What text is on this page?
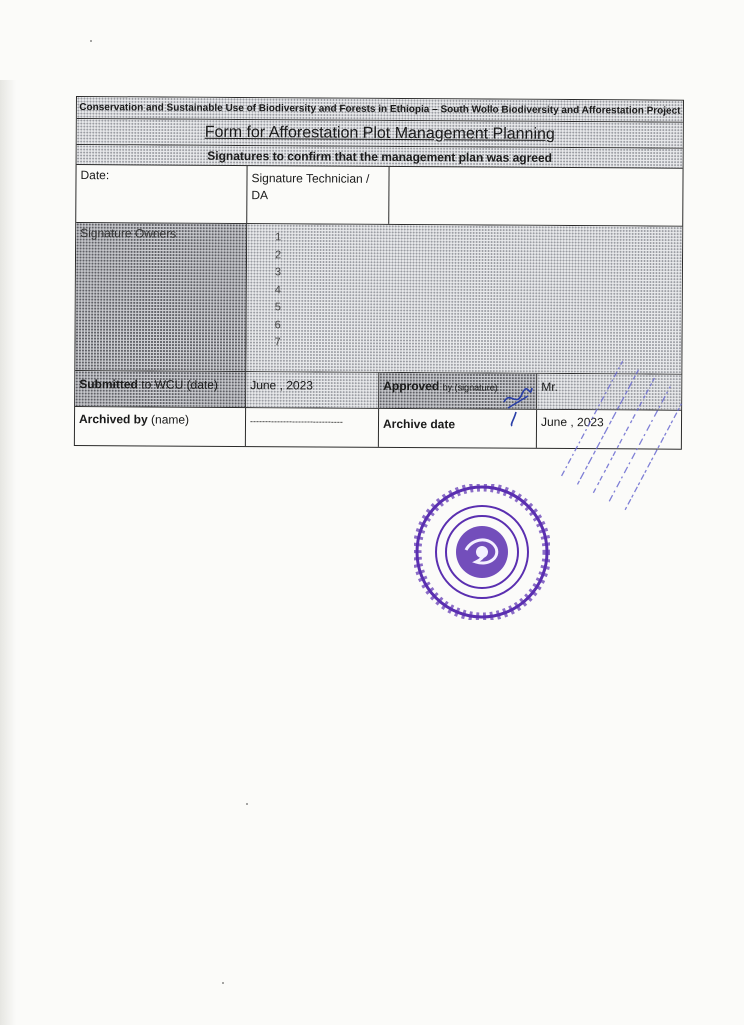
Conservation and Sustainable Use of Biodiversity and Forests in Ethiopia – South Wollo Biodiversity and Afforestation Project
Form for Afforestation Plot Management Planning
Signatures to confirm that the management plan was agreed
Date:	Signature Technician /
DA
Signature Owners	1
2
3
4
5
6
7
Submitted to WCU (date)	June , 2023	Approved by (signature)	Mr.
Archived by (name)	-------------------------------	Archive date	June , 2023
